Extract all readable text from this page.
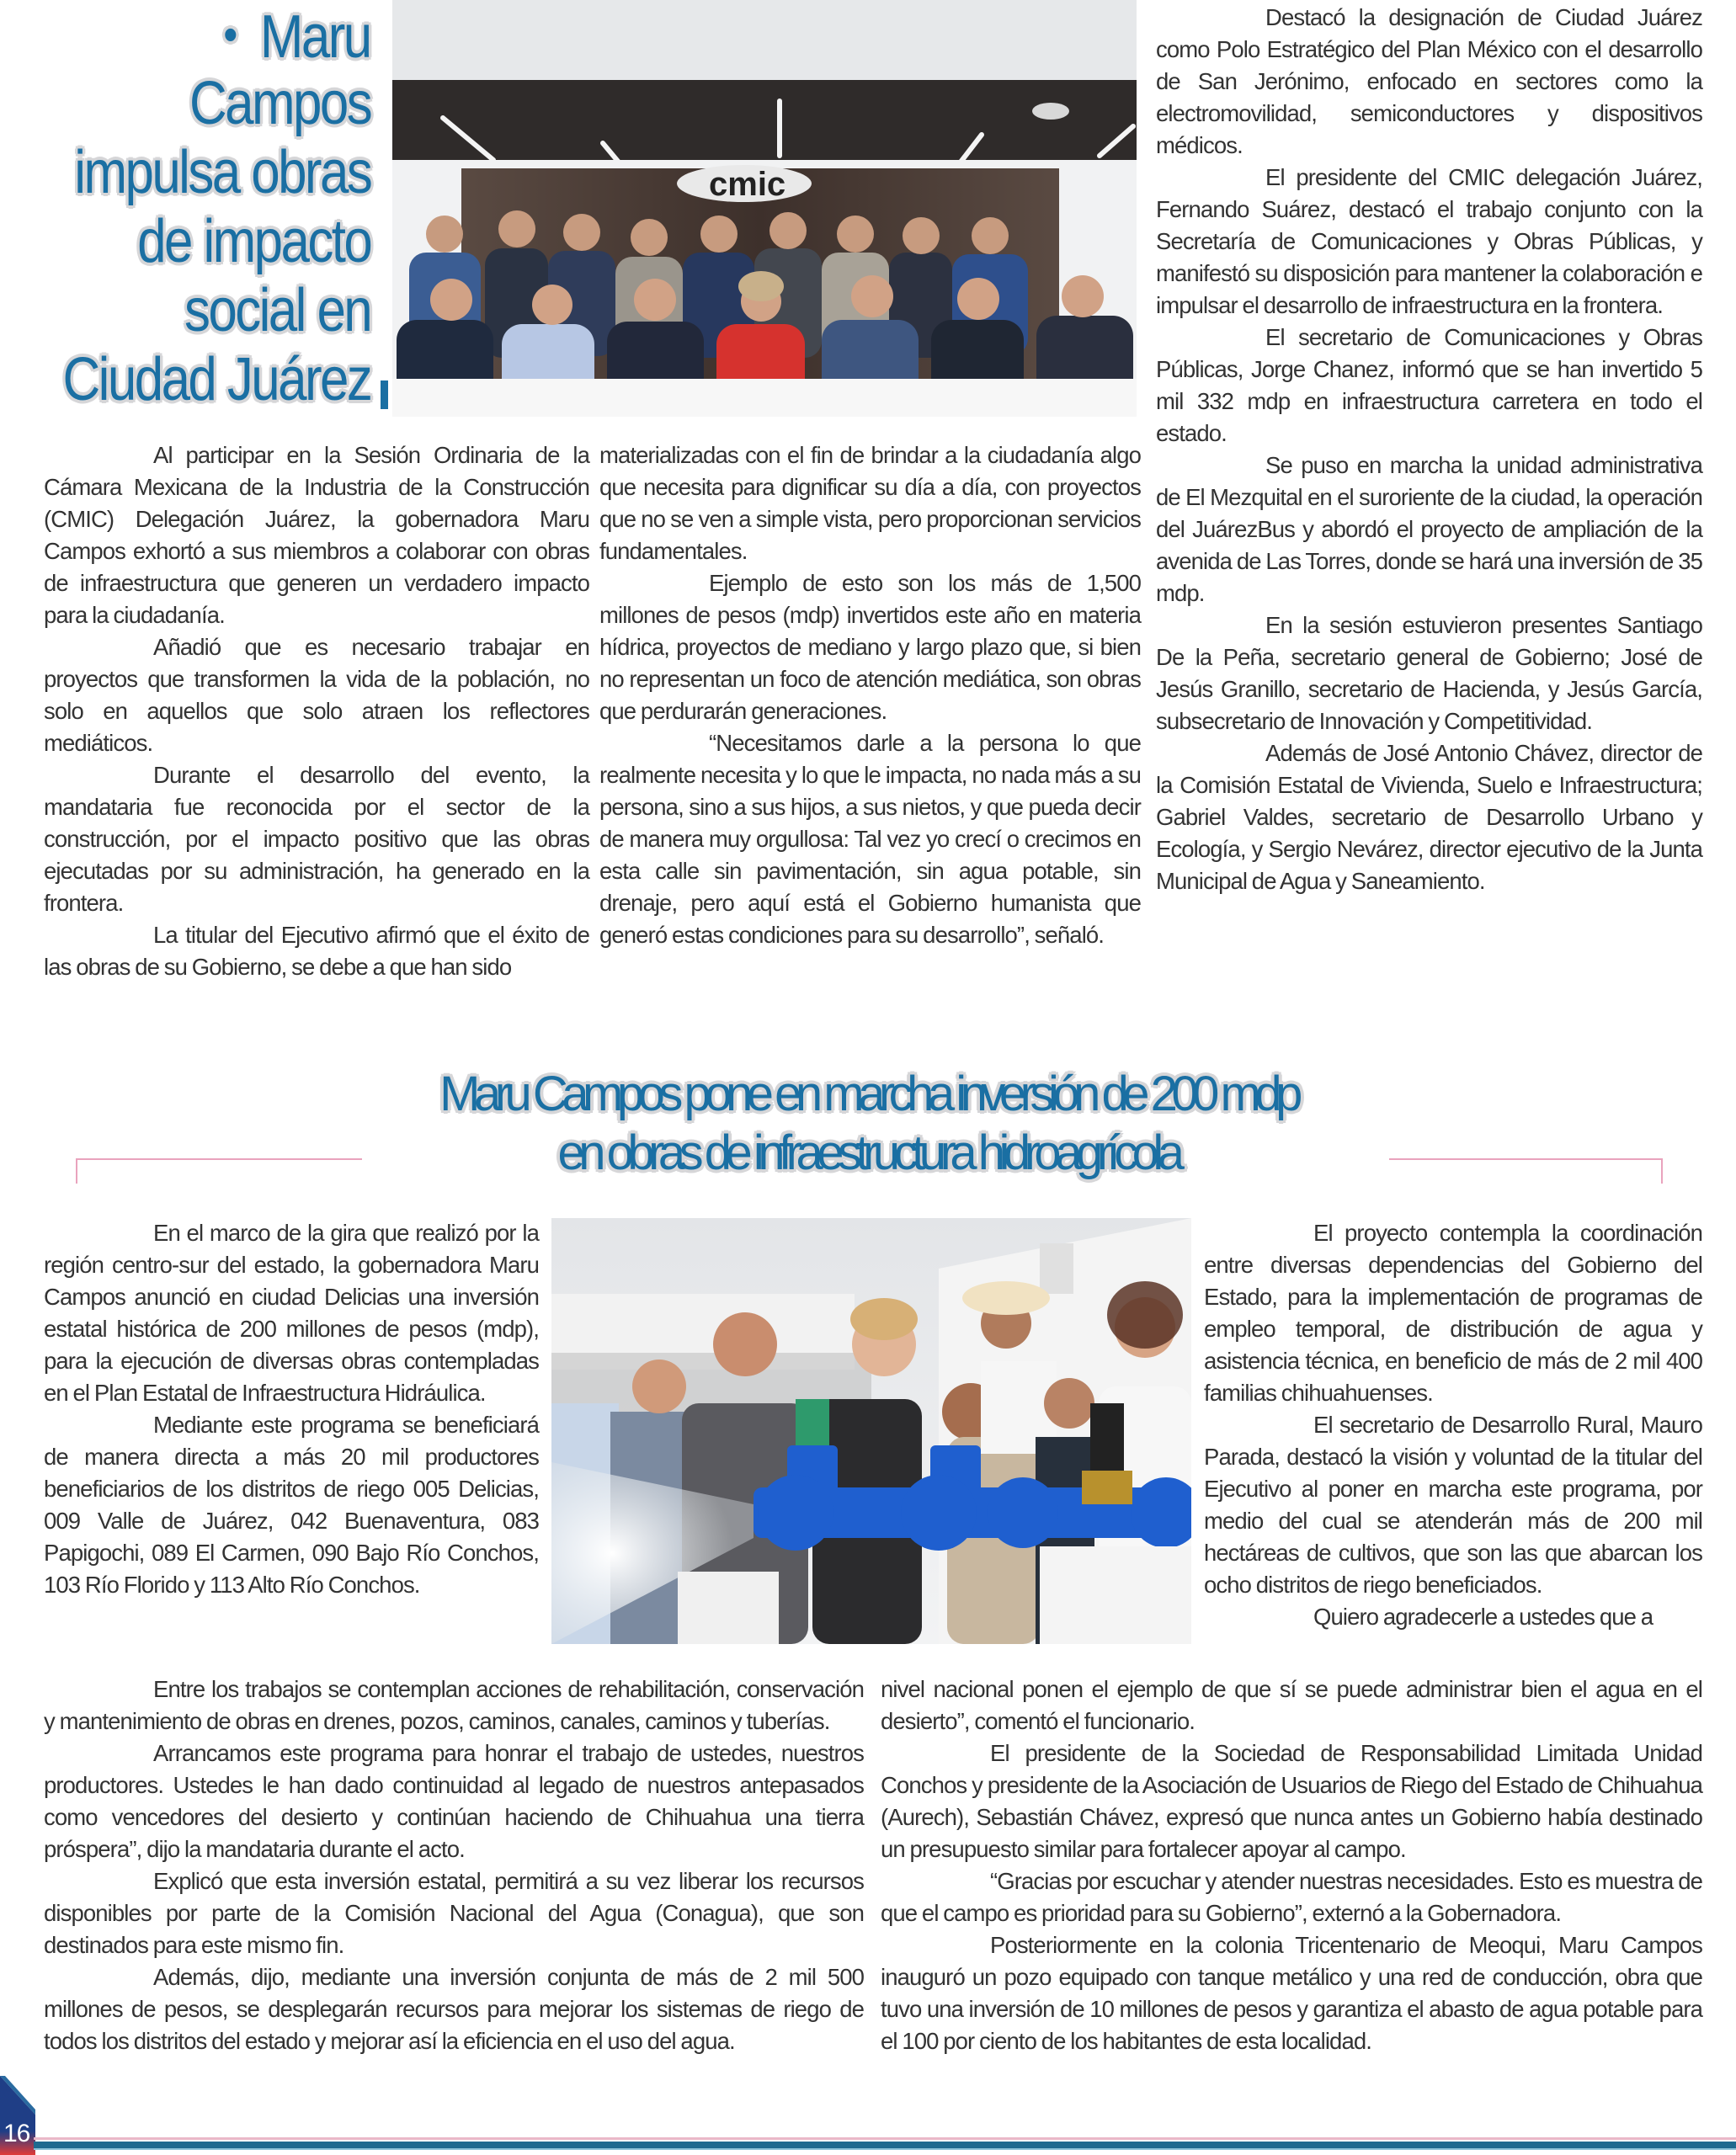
• Maru
Campos
impulsa obras
de impacto
social en
Ciudad Juárez
cmic

Al participar en la Sesión Ordinaria de la Cámara Mexicana de la Industria de la Construcción (CMIC) Delegación Juárez, la gobernadora Maru Campos exhortó a sus miembros a colaborar con obras de infraestructura que generen un verdadero impacto para la ciudadanía.

Añadió que es necesario trabajar en proyectos que transformen la vida de la población, no solo en aquellos que solo atraen los reflectores mediáticos.

Durante el desarrollo del evento, la mandataria fue reconocida por el sector de la construcción, por el impacto positivo que las obras ejecutadas por su administración, ha generado en la frontera.

La titular del Ejecutivo afirmó que el éxito de las obras de su Gobierno, se debe a que han sido

materializadas con el fin de brindar a la ciudadanía algo que necesita para dignificar su día a día, con proyectos que no se ven a simple vista, pero proporcionan servicios fundamentales.

Ejemplo de esto son los más de 1,500 millones de pesos (mdp) invertidos este año en materia hídrica, proyectos de mediano y largo plazo que, si bien no representan un foco de atención mediática, son obras que perdurarán generaciones.

“Necesitamos darle a la persona lo que realmente necesita y lo que le impacta, no nada más a su persona, sino a sus hijos, a sus nietos, y que pueda decir de manera muy orgullosa: Tal vez yo crecí o crecimos en esta calle sin pavimentación, sin agua potable, sin drenaje, pero aquí está el Gobierno humanista que generó estas condiciones para su desarrollo”, señaló.

Destacó la designación de Ciudad Juárez como Polo Estratégico del Plan México con el desarrollo de San Jerónimo, enfocado en sectores como la electromovilidad, semiconductores y dispositivos médicos.

El presidente del CMIC delegación Juárez, Fernando Suárez, destacó el trabajo conjunto con la Secretaría de Comunicaciones y Obras Públicas, y manifestó su disposición para mantener la colaboración e impulsar el desarrollo de infraestructura en la frontera.

El secretario de Comunicaciones y Obras Públicas, Jorge Chanez, informó que se han invertido 5 mil 332 mdp en infraestructura carretera en todo el estado.

Se puso en marcha la unidad administrativa de El Mezquital en el suroriente de la ciudad, la operación del JuárezBus y abordó el proyecto de ampliación de la avenida de Las Torres, donde se hará una inversión de 35 mdp.

En la sesión estuvieron presentes Santiago De la Peña, secretario general de Gobierno; José de Jesús Granillo, secretario de Hacienda, y Jesús García, subsecretario de Innovación y Competitividad.

Además de José Antonio Chávez, director de la Comisión Estatal de Vivienda, Suelo e Infraestructura; Gabriel Valdes, secretario de Desarrollo Urbano y Ecología, y Sergio Nevárez, director ejecutivo de la Junta Municipal de Agua y Saneamiento.

Maru Campos pone en marcha inversión de 200 mdp
en obras de infraestructura hidroagrícola

En el marco de la gira que realizó por la región centro-sur del estado, la gobernadora Maru Campos anunció en ciudad Delicias una inversión estatal histórica de 200 millones de pesos (mdp), para la ejecución de diversas obras contempladas en el Plan Estatal de Infraestructura Hidráulica.

Mediante este programa se beneficiará de manera directa a más 20 mil productores beneficiarios de los distritos de riego 005 Delicias, 009 Valle de Juárez, 042 Buenaventura, 083 Papigochi, 089 El Carmen, 090 Bajo Río Conchos, 103 Río Florido y 113 Alto Río Conchos.

El proyecto contempla la coordinación entre diversas dependencias del Gobierno del Estado, para la implementación de programas de empleo temporal, de distribución de agua y asistencia técnica, en beneficio de más de 2 mil 400 familias chihuahuenses.

El secretario de Desarrollo Rural, Mauro Parada, destacó la visión y voluntad de la titular del Ejecutivo al poner en marcha este programa, por medio del cual se atenderán más de 200 mil hectáreas de cultivos, que son las que abarcan los ocho distritos de riego beneficiados.

Quiero agradecerle a ustedes que a

Entre los trabajos se contemplan acciones de rehabilitación, conservación y mantenimiento de obras en drenes, pozos, caminos, canales, caminos y tuberías.

Arrancamos este programa para honrar el trabajo de ustedes, nuestros productores. Ustedes le han dado continuidad al legado de nuestros antepasados como vencedores del desierto y continúan haciendo de Chihuahua una tierra próspera”, dijo la mandataria durante el acto.

Explicó que esta inversión estatal, permitirá a su vez liberar los recursos disponibles por parte de la Comisión Nacional del Agua (Conagua), que son destinados para este mismo fin.

Además, dijo, mediante una inversión conjunta de más de 2 mil 500 millones de pesos, se desplegarán recursos para mejorar los sistemas de riego de todos los distritos del estado y mejorar así la eficiencia en el uso del agua.

nivel nacional ponen el ejemplo de que sí se puede administrar bien el agua en el desierto”, comentó el funcionario.

El presidente de la Sociedad de Responsabilidad Limitada Unidad Conchos y presidente de la Asociación de Usuarios de Riego del Estado de Chihuahua (Aurech), Sebastián Chávez, expresó que nunca antes un Gobierno había destinado un presupuesto similar para fortalecer apoyar al campo.

“Gracias por escuchar y atender nuestras necesidades. Esto es muestra de que el campo es prioridad para su Gobierno”, externó a la Gobernadora.

Posteriormente en la colonia Tricentenario de Meoqui, Maru Campos inauguró un pozo equipado con tanque metálico y una red de conducción, obra que tuvo una inversión de 10 millones de pesos y garantiza el abasto de agua potable para el 100 por ciento de los habitantes de esta localidad.

16
